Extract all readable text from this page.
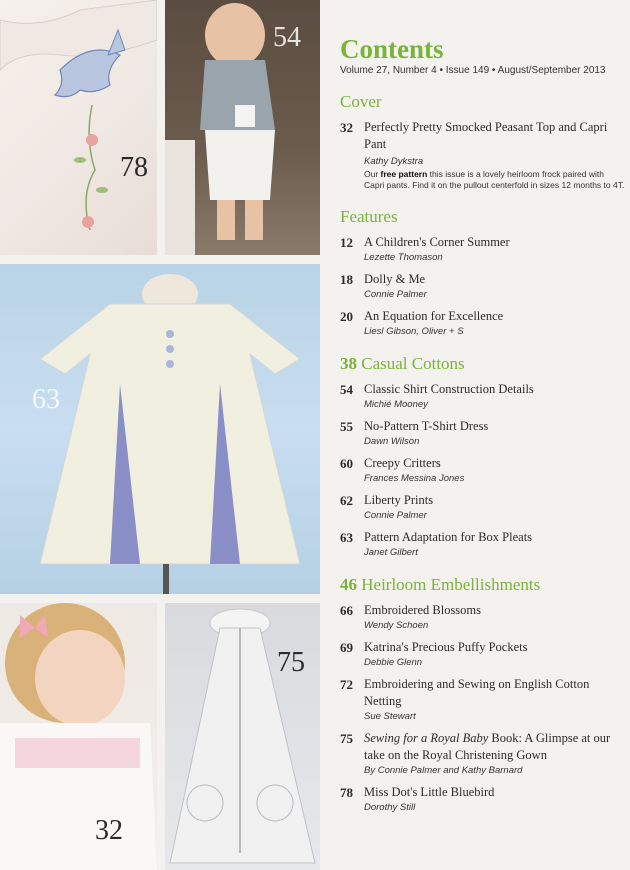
78
54
63
32
75
Contents
Volume 27, Number 4 • Issue 149 • August/September 2013
Cover
32 Perfectly Pretty Smocked Peasant Top and Capri Pant
Kathy Dykstra
Our free pattern this issue is a lovely heirloom frock paired with Capri pants. Find it on the pullout centerfold in sizes 12 months to 4T.
Features
12 A Children's Corner Summer
Lezette Thomason
18 Dolly & Me
Connie Palmer
20 An Equation for Excellence
Liesl Gibson, Oliver + S
38 Casual Cottons
54 Classic Shirt Construction Details
Michié Mooney
55 No-Pattern T-Shirt Dress
Dawn Wilson
60 Creepy Critters
Frances Messina Jones
62 Liberty Prints
Connie Palmer
63 Pattern Adaptation for Box Pleats
Janet Gilbert
46 Heirloom Embellishments
66 Embroidered Blossoms
Wendy Schoen
69 Katrina's Precious Puffy Pockets
Debbie Glenn
72 Embroidering and Sewing on English Cotton Netting
Sue Stewart
75 Sewing for a Royal Baby Book: A Glimpse at our take on the Royal Christening Gown
By Connie Palmer and Kathy Barnard
78 Miss Dot's Little Bluebird
Dorothy Still
